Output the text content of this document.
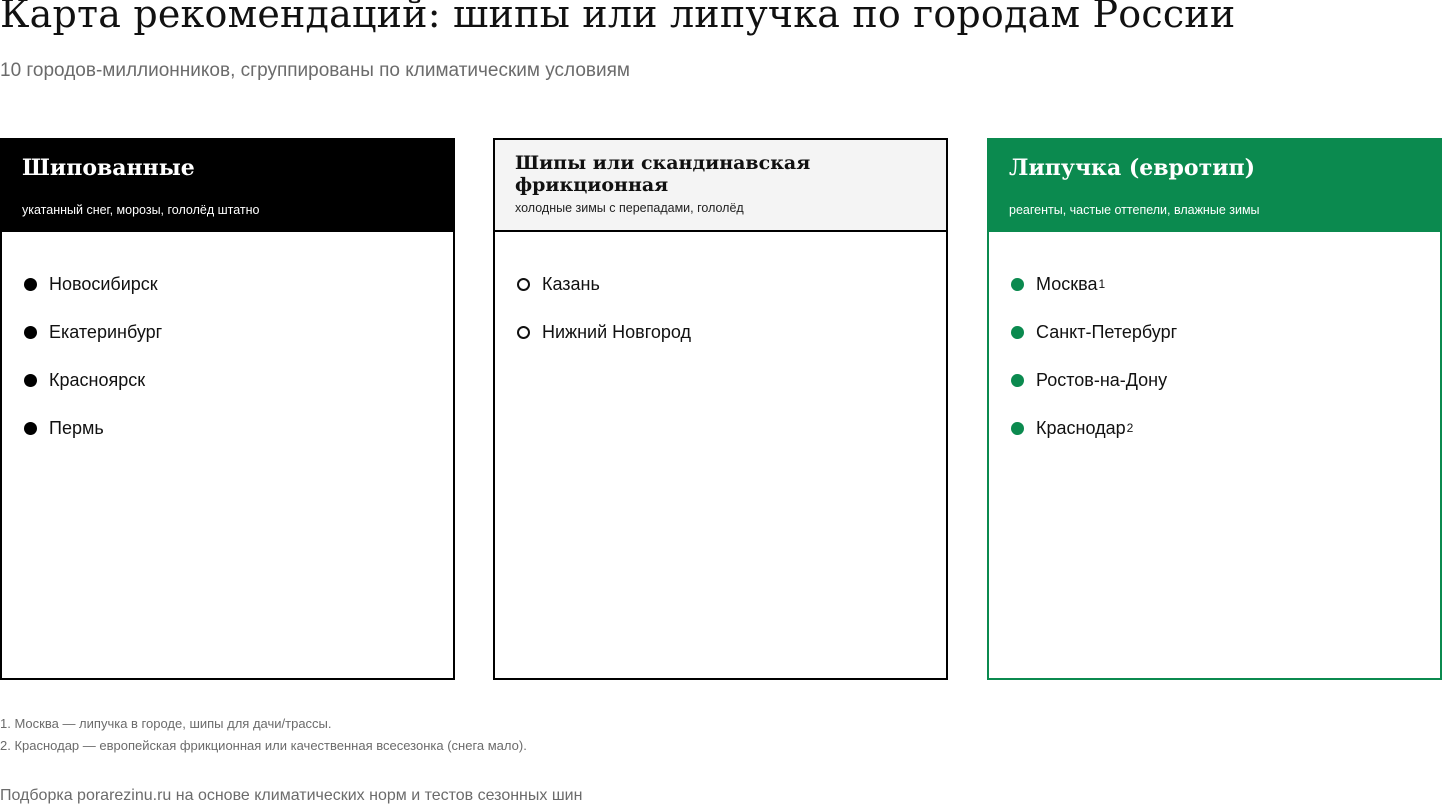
Карта рекомендаций: шипы или липучка по городам России
10 городов-миллионников, сгруппированы по климатическим условиям
Шипованные
укатанный снег, морозы, гололёд штатно
Новосибирск
Екатеринбург
Красноярск
Пермь
Шипы или скандинавская фрикционная
холодные зимы с перепадами, гололёд
Казань
Нижний Новгород
Липучка (евротип)
реагенты, частые оттепели, влажные зимы
Москва 1
Санкт-Петербург
Ростов-на-Дону
Краснодар 2
1. Москва — липучка в городе, шипы для дачи/трассы.
2. Краснодар — европейская фрикционная или качественная всесезонка (снега мало).
Подборка porarezinu.ru на основе климатических норм и тестов сезонных шин
